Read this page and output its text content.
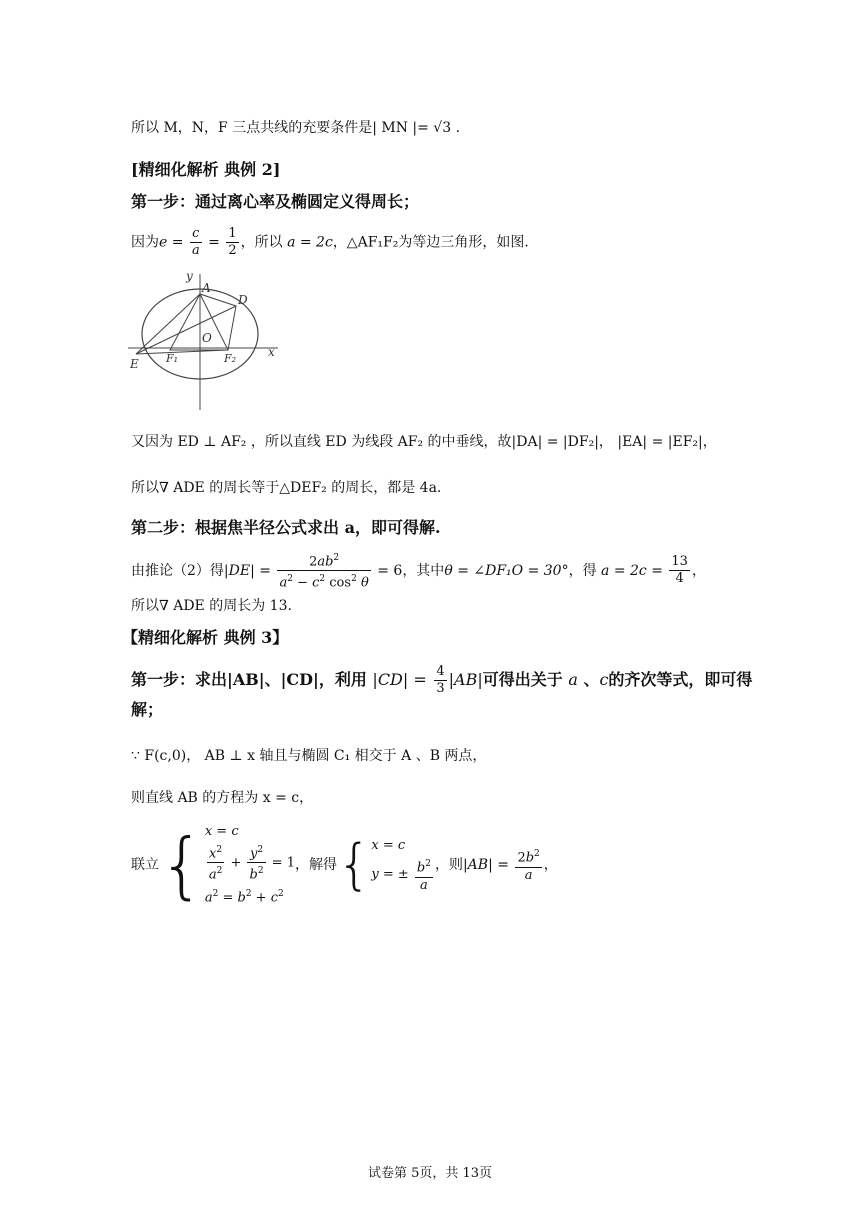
所以 M，N，F 三点共线的充要条件是| MN |= √3 .
[精细化解析 典例 2]
第一步：通过离心率及椭圆定义得周长；
因为$e = \frac{c}{a} = \frac{1}{2}$ ，所以 a = 2c，△AF₁F₂为等边三角形，如图.
y
x
A
D
O
E F₁	F₂
又因为 ED ⊥ AF₂ ，所以直线 ED 为线段 AF₂ 的中垂线，故|DA| = |DF₂|， |EA| = |EF₂|，
所以∇ ADE 的周长等于△DEF₂ 的周长，都是 4a.
第二步：根据焦半径公式求出 a，即可得解.
由推论（2）得$|DE| = \frac{2ab^2}{a^2 - c^2 \cos^2 \theta} = 6$，其中θ = ∠DF₁O = 30°，得 $a = 2c = \frac{13}{4}$ ，
所以∇ ADE 的周长为 13.
【精细化解析 典例 3】
第一步：求出|AB|、|CD|，利用 $|CD| = \frac{4}{3} |AB|$可得出关于 a 、c的齐次等式，即可得
解；
∵ F(c,0)， AB ⊥ x 轴且与椭圆 C₁ 相交于 A 、B 两点，
则直线 AB 的方程为 x = c，
联立{ x = c
$\frac{x^2}{a^2} + \frac{y^2}{b^2} = 1$
$a^2 = b^2 + c^2$
，解得{ x = c
y = ± $\frac{b^2}{a}$ ，则$|AB| = \frac{2b^2}{a}$ ，
试卷第 5页，共 13页
